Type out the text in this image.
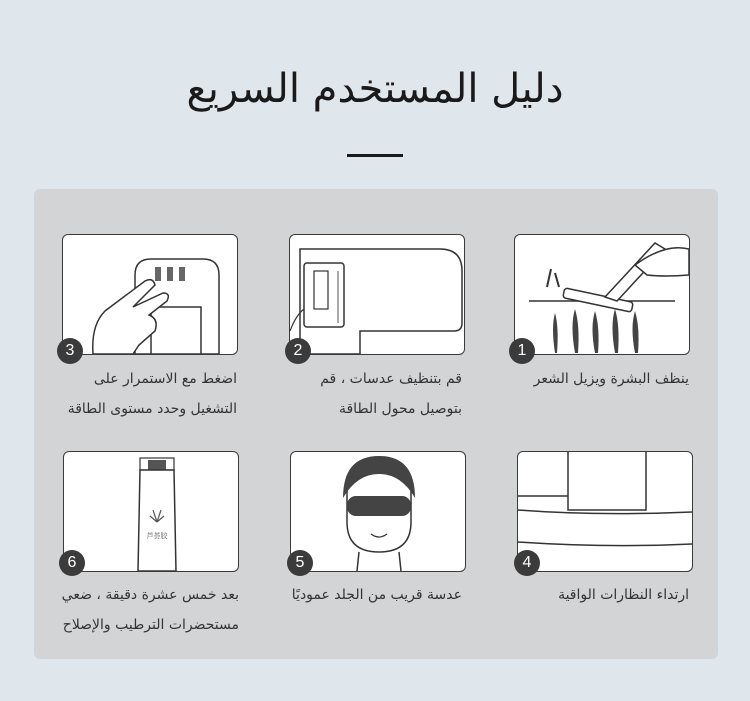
دليل المستخدم السريع
1
ينظف البشرة ويزيل الشعر
2
قم بتنظيف عدسات ، قم
بتوصيل محول الطاقة
3
اضغط مع الاستمرار على
التشغيل وحدد مستوى الطاقة
4
ارتداء النظارات الواقية
5
عدسة قريب من الجلد عموديًا
芦荟胶
6
بعد خمس عشرة دقيقة ، ضعي
مستحضرات الترطيب والإصلاح
